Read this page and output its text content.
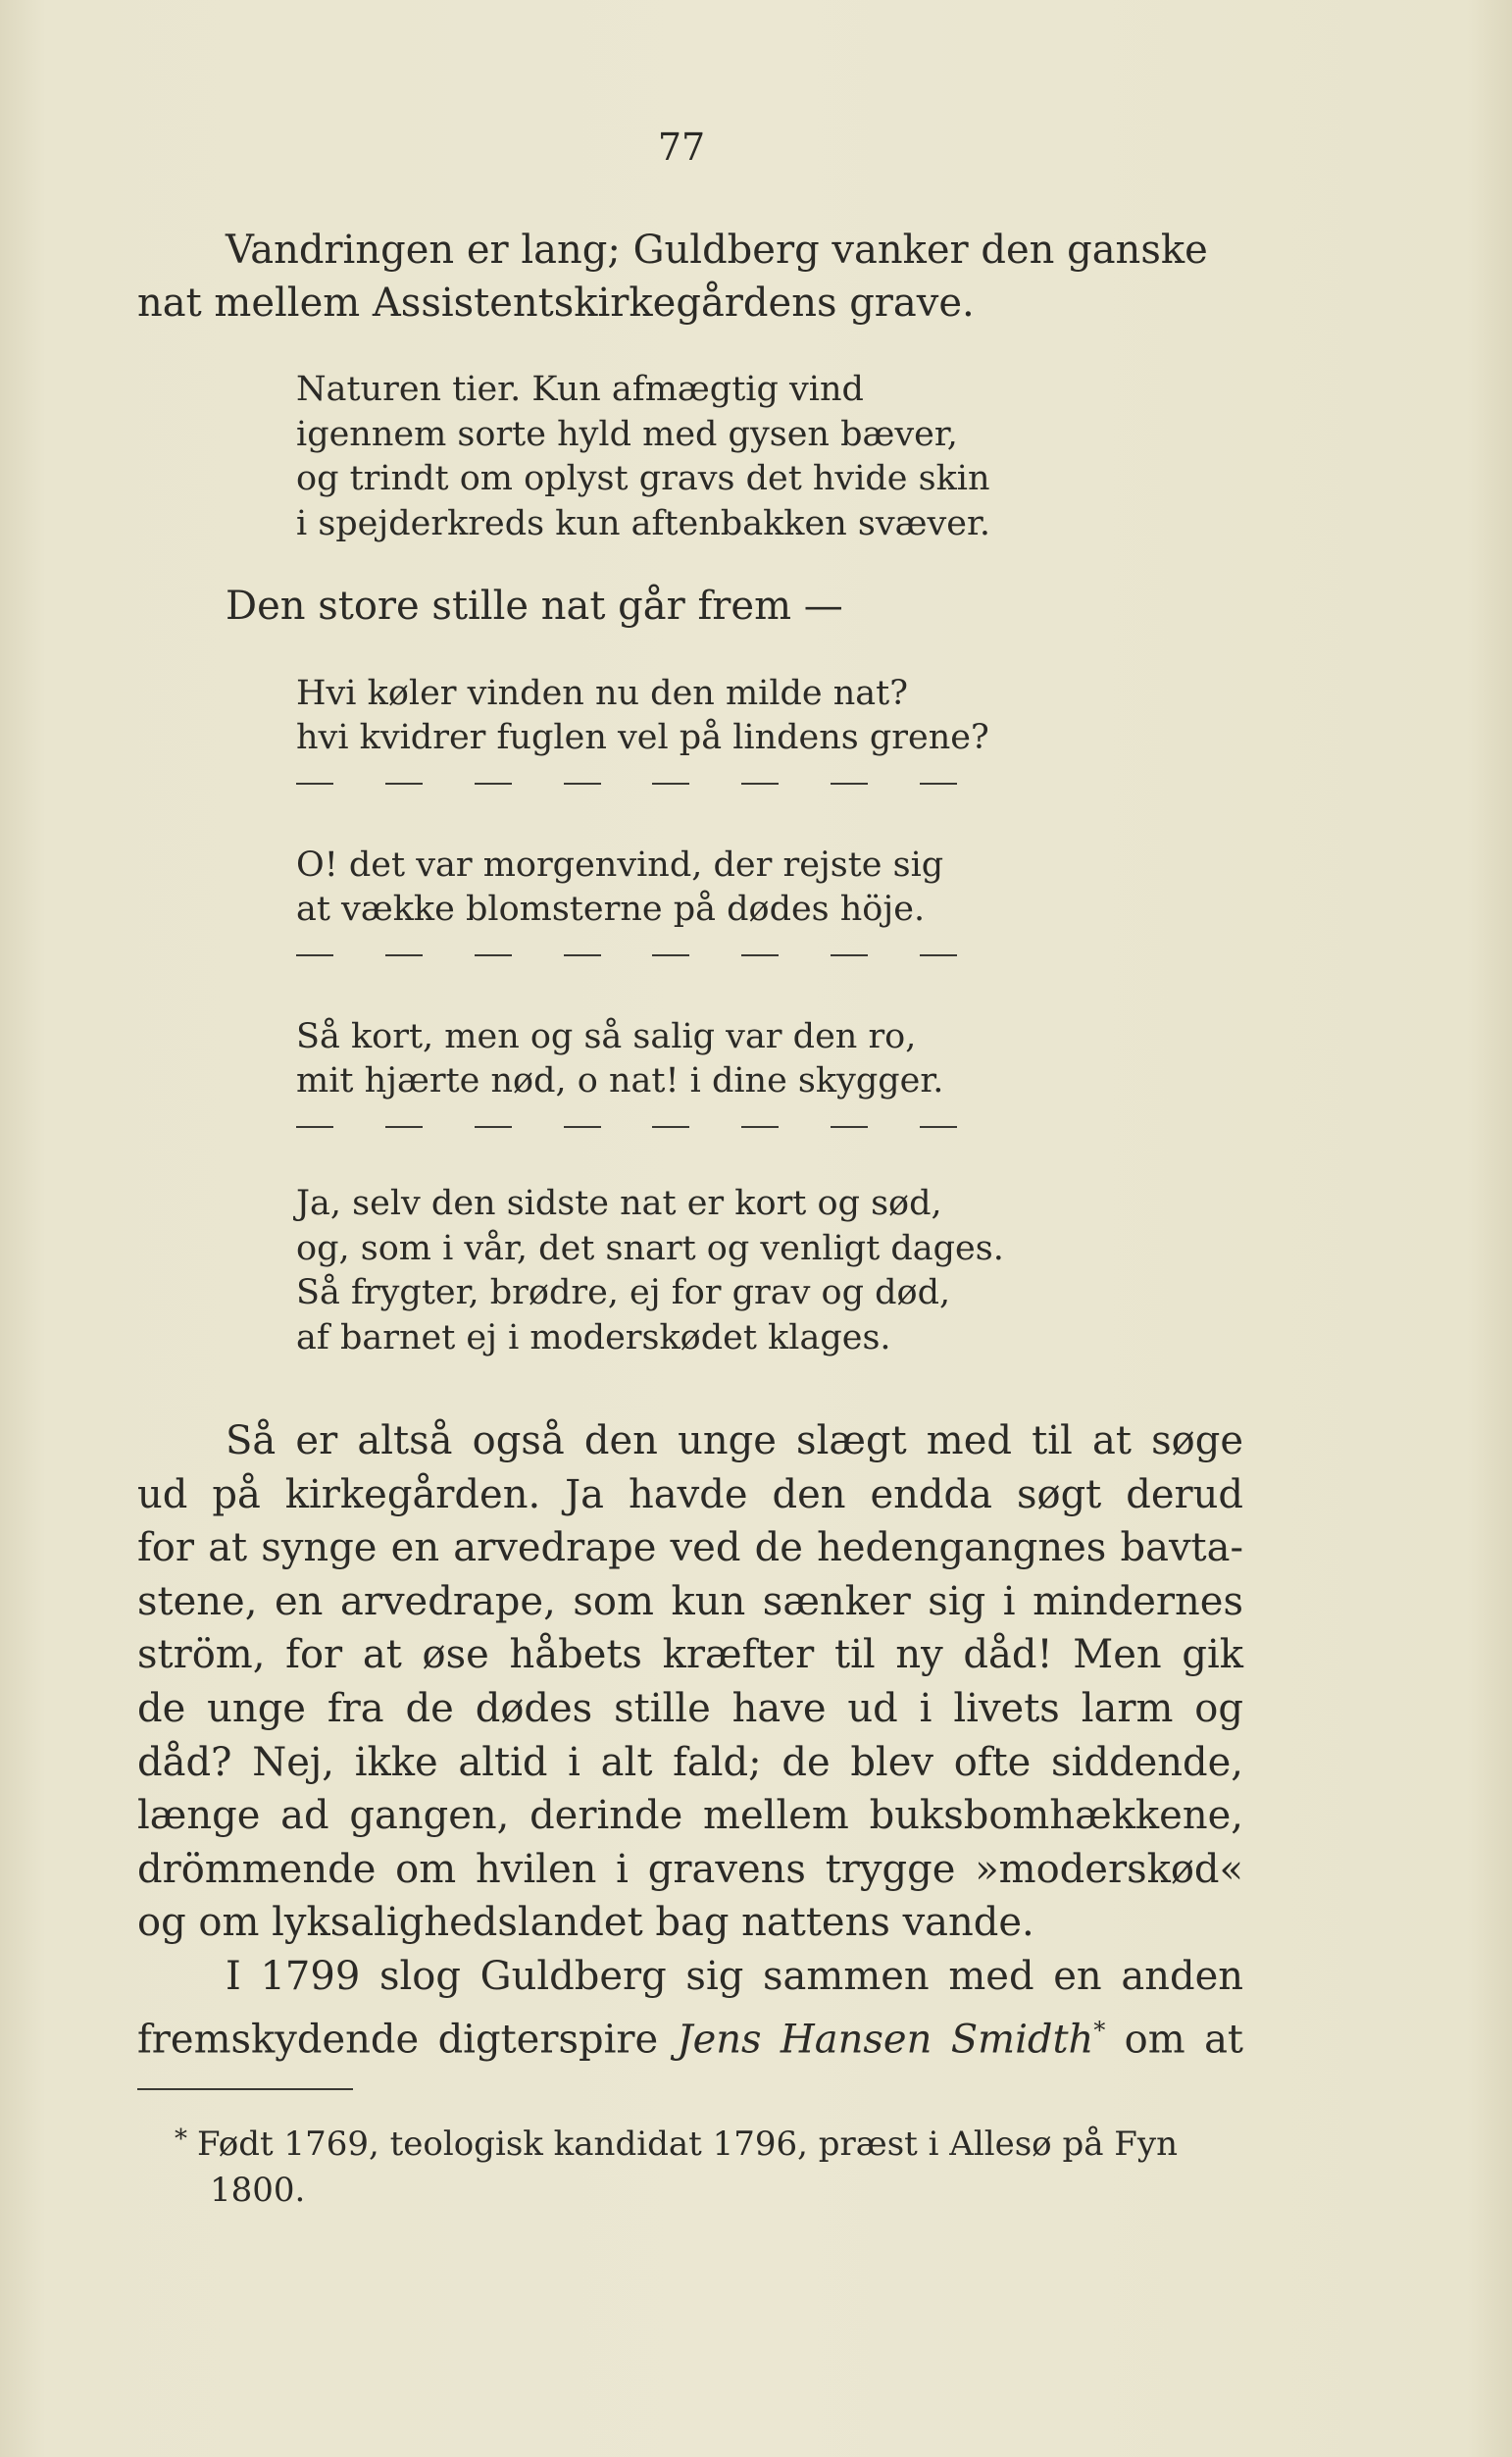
77
Vandringen er lang; Guldberg vanker den ganske
nat mellem Assistentskirkegårdens grave.
Naturen tier. Kun afmægtig vind
igennem sorte hyld med gysen bæver,
og trindt om oplyst gravs det hvide skin
i spejderkreds kun aftenbakken svæver.
Den store stille nat går frem —
Hvi køler vinden nu den milde nat?
hvi kvidrer fuglen vel på lindens grene?
O! det var morgenvind, der rejste sig
at vække blomsterne på dødes höje.
Så kort, men og så salig var den ro,
mit hjærte nød, o nat! i dine skygger.
Ja, selv den sidste nat er kort og sød,
og, som i vår, det snart og venligt dages.
Så frygter, brødre, ej for grav og død,
af barnet ej i moderskødet klages.
Så er altså også den unge slægt med til at søge
ud på kirkegården. Ja havde den endda søgt derud
for at synge en arvedrape ved de hedengangnes bavta-
stene, en arvedrape, som kun sænker sig i mindernes
ström, for at øse håbets kræfter til ny dåd! Men gik
de unge fra de dødes stille have ud i livets larm og
dåd? Nej, ikke altid i alt fald; de blev ofte siddende,
længe ad gangen, derinde mellem buksbomhækkene,
drömmende om hvilen i gravens trygge »moderskød«
og om lyksalighedslandet bag nattens vande.
I 1799 slog Guldberg sig sammen med en anden
fremskydende digterspire Jens Hansen Smidth* om at
* Født 1769, teologisk kandidat 1796, præst i Allesø på Fyn
1800.
